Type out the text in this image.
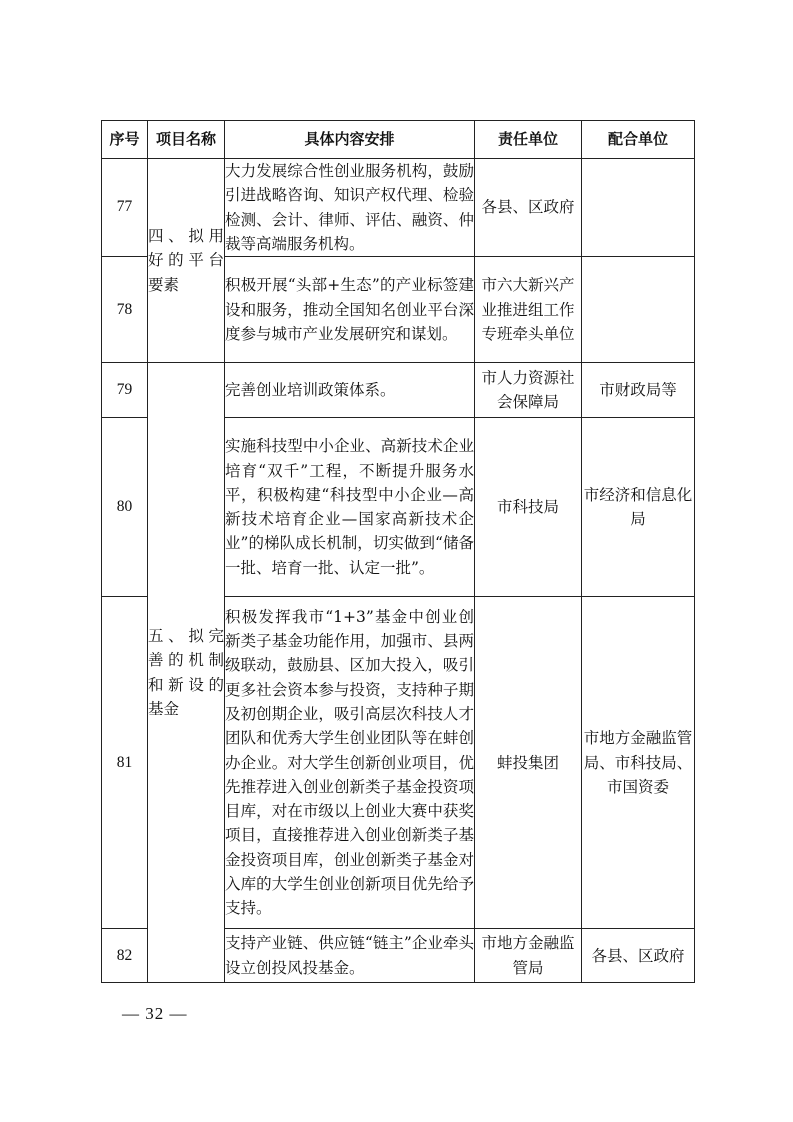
序号	项目名称	具体内容安排	责任单位	配合单位
77	四、拟用好的平台要素	大力发展综合性创业服务机构，鼓励引进战略咨询、知识产权代理、检验检测、会计、律师、评估、融资、仲裁等高端服务机构。	各县、区政府	
78		积极开展“头部+生态”的产业标签建设和服务，推动全国知名创业平台深度参与城市产业发展研究和谋划。	市六大新兴产业推进组工作专班牵头单位	
79	五、拟完善的机制和新设的基金	完善创业培训政策体系。	市人力资源社会保障局	市财政局等
80		实施科技型中小企业、高新技术企业培育“双千”工程，不断提升服务水平，积极构建“科技型中小企业—高新技术培育企业—国家高新技术企业”的梯队成长机制，切实做到“储备一批、培育一批、认定一批”。	市科技局	市经济和信息化局
81		积极发挥我市“1+3”基金中创业创新类子基金功能作用，加强市、县两级联动，鼓励县、区加大投入，吸引更多社会资本参与投资，支持种子期及初创期企业，吸引高层次科技人才团队和优秀大学生创业团队等在蚌创办企业。对大学生创新创业项目，优先推荐进入创业创新类子基金投资项目库，对在市级以上创业大赛中获奖项目，直接推荐进入创业创新类子基金投资项目库，创业创新类子基金对入库的大学生创业创新项目优先给予支持。	蚌投集团	市地方金融监管局、市科技局、市国资委
82		支持产业链、供应链“链主”企业牵头设立创投风投基金。	市地方金融监管局	各县、区政府
— 32 —
